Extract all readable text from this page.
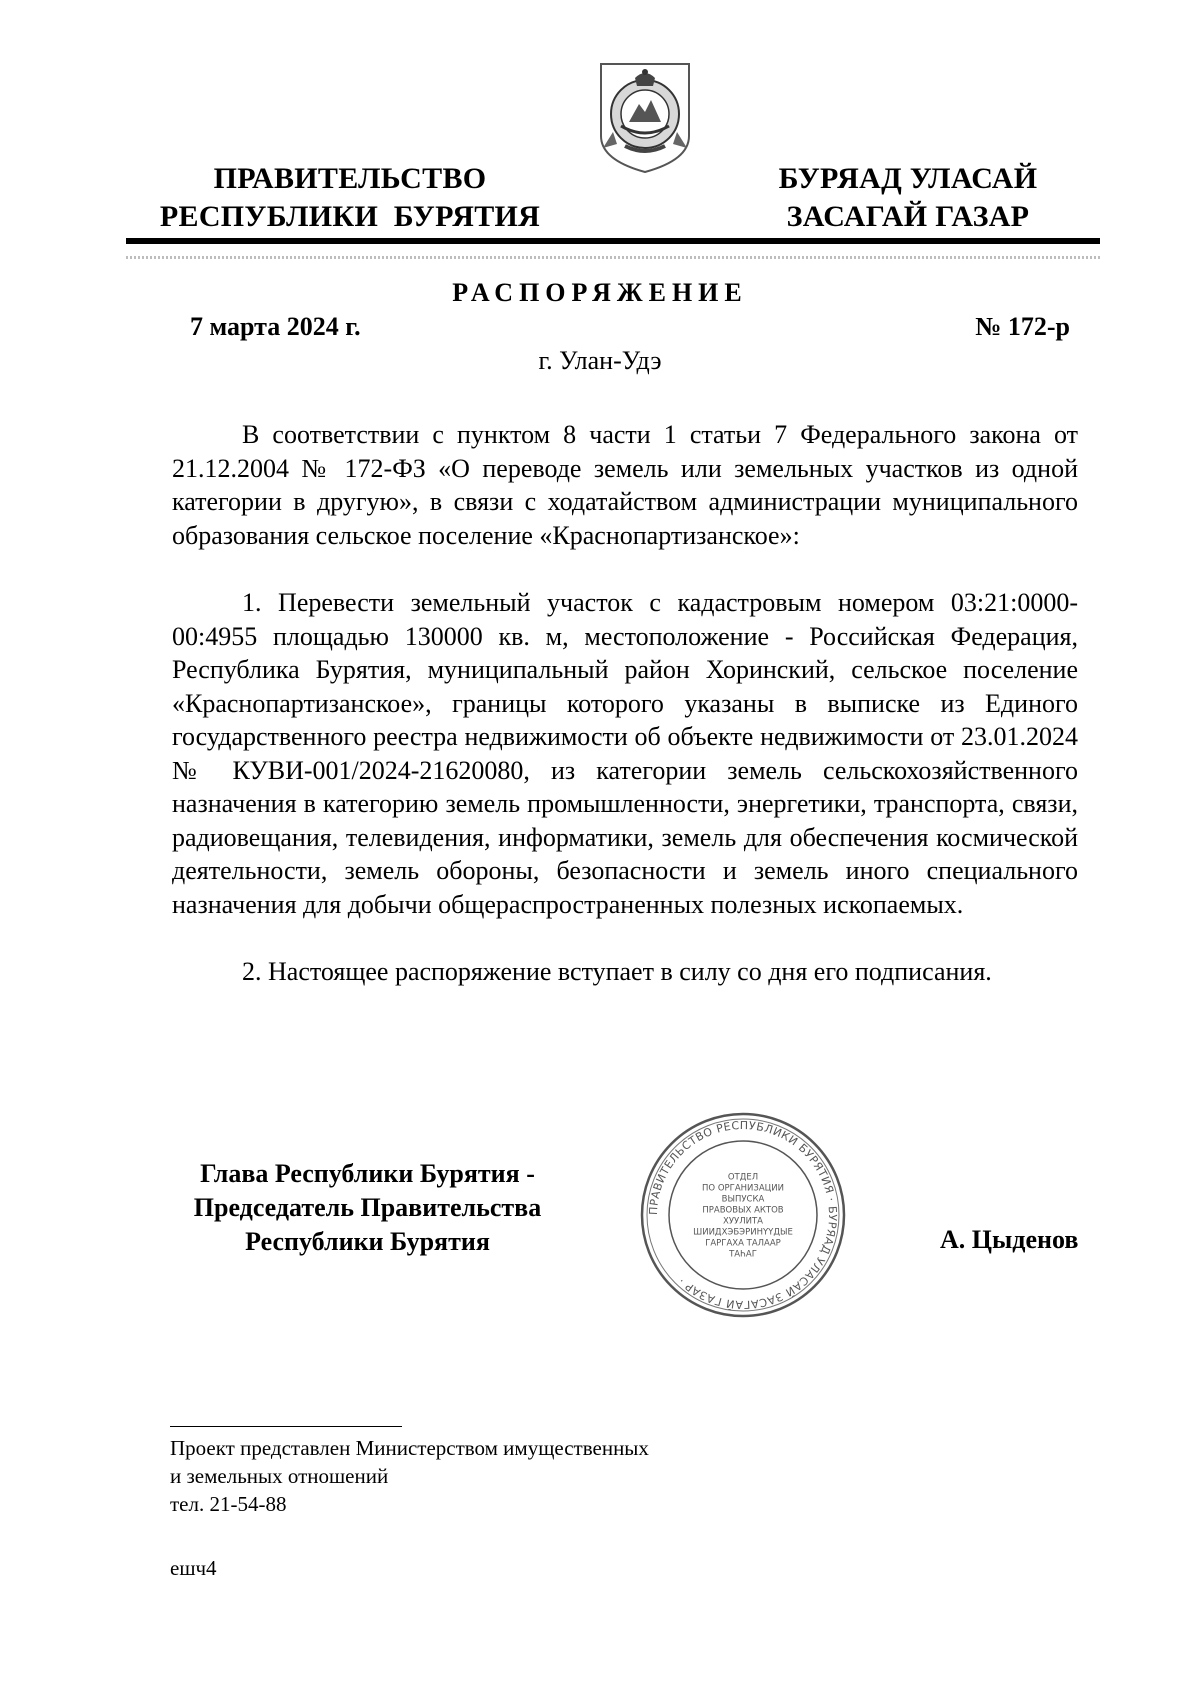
ПРАВИТЕЛЬСТВО
РЕСПУБЛИКИ  БУРЯТИЯ
БУРЯАД УЛАСАЙ
ЗАСАГАЙ ГАЗАР
РАСПОРЯЖЕНИЕ
7 марта 2024 г.	№ 172-р
г. Улан-Удэ

В соответствии с пунктом 8 части 1 статьи 7 Федерального закона от 21.12.2004 № 172-ФЗ «О переводе земель или земельных участков из одной категории в другую», в связи с ходатайством администрации муниципального образования сельское поселение «Краснопартизанское»:

1. Перевести земельный участок с кадастровым номером 03:21:0000-00:4955 площадью 130000 кв. м, местоположение - Российская Федерация, Республика Бурятия, муниципальный район Хоринский, сельское поселение «Краснопартизанское», границы которого указаны в выписке из Единого государственного реестра недвижимости об объекте недвижимости от 23.01.2024 № КУВИ-001/2024-21620080, из категории земель сельскохозяйственного назначения в категорию земель промышленности, энергетики, транспорта, связи, радиовещания, телевидения, информатики, земель для обеспечения космической деятельности, земель обороны, безопасности и земель иного специального назначения для добычи общераспространенных полезных ископаемых.

2. Настоящее распоряжение вступает в силу со дня его подписания.

Глава Республики Бурятия -
Председатель Правительства
Республики Бурятия
ПРАВИТЕЛЬСТВО РЕСПУБЛИКИ БУРЯТИЯ · БУРЯАД УЛАСАЙ ЗАСАГАЙ ГАЗАР ·
ОТДЕЛ
ПО ОРГАНИЗАЦИИ
ВЫПУСКА
ПРАВОВЫХ АКТОВ
ХУУЛИТА
ШИИДХЭБЭРИНҮҮДЫЕ
ГАРГАХА ТАЛААР
ТАҺАГ
А. Цыденов
Проект представлен Министерством имущественных
и земельных отношений
тел. 21-54-88
ешч4
